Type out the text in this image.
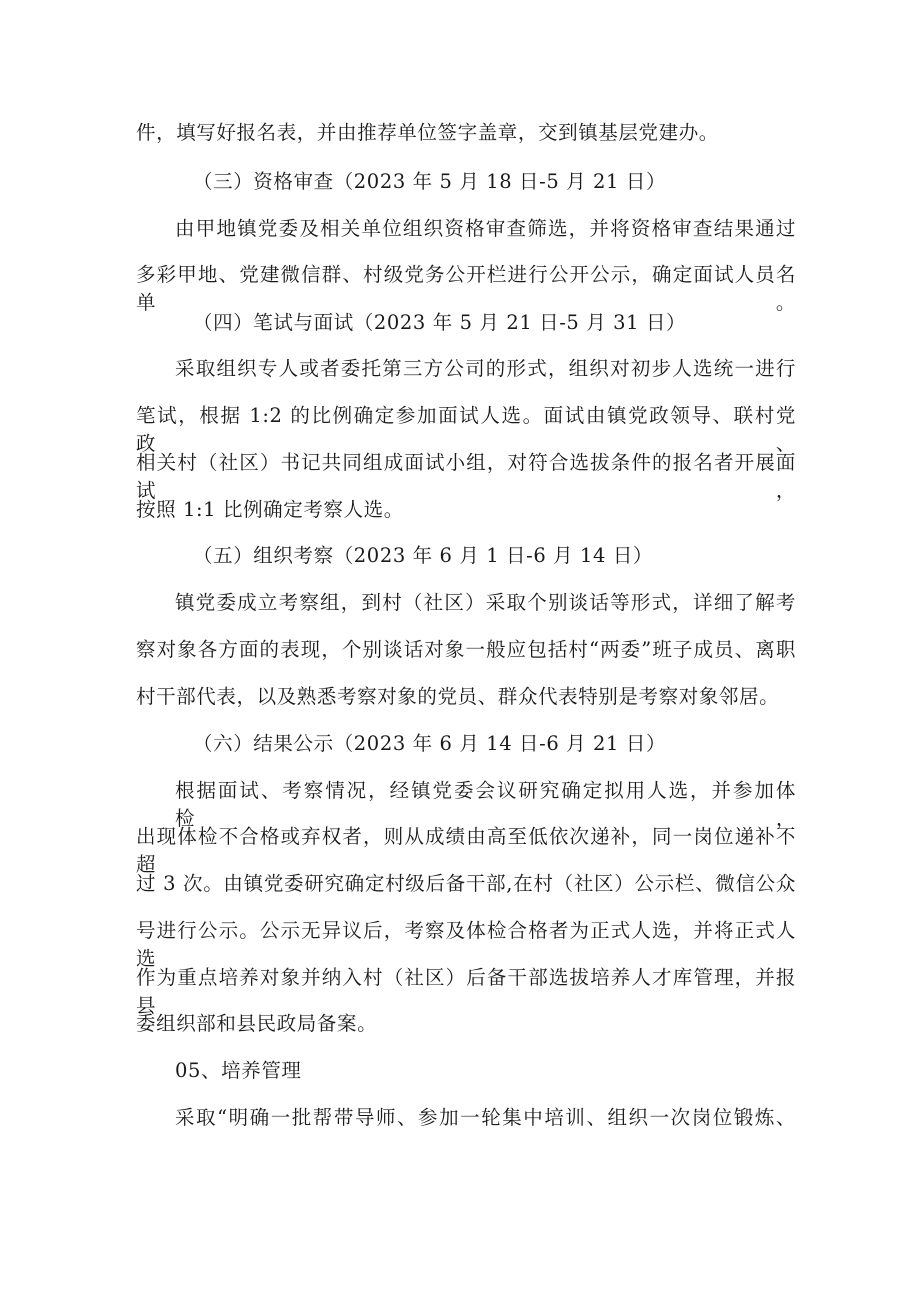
件，填写好报名表，并由推荐单位签字盖章，交到镇基层党建办。
（三）资格审查（2023 年 5 月 18 日-5 月 21 日）
由甲地镇党委及相关单位组织资格审查筛选，并将资格审查结果通过
多彩甲地、党建微信群、村级党务公开栏进行公开公示，确定面试人员名单。
（四）笔试与面试（2023 年 5 月 21 日-5 月 31 日）
采取组织专人或者委托第三方公司的形式，组织对初步人选统一进行
笔试，根据 1:2 的比例确定参加面试人选。面试由镇党政领导、联村党政、
相关村（社区）书记共同组成面试小组，对符合选拔条件的报名者开展面试，
按照 1:1 比例确定考察人选。
（五）组织考察（2023 年 6 月 1 日-6 月 14 日）
镇党委成立考察组，到村（社区）采取个别谈话等形式，详细了解考
察对象各方面的表现，个别谈话对象一般应包括村“两委”班子成员、离职
村干部代表，以及熟悉考察对象的党员、群众代表特别是考察对象邻居。
（六）结果公示（2023 年 6 月 14 日-6 月 21 日）
根据面试、考察情况，经镇党委会议研究确定拟用人选，并参加体检，
出现体检不合格或弃权者，则从成绩由高至低依次递补，同一岗位递补不超
过 3 次。由镇党委研究确定村级后备干部,在村（社区）公示栏、微信公众
号进行公示。公示无异议后，考察及体检合格者为正式人选，并将正式人选
作为重点培养对象并纳入村（社区）后备干部选拔培养人才库管理，并报县
委组织部和县民政局备案。
05、培养管理
采取“明确一批帮带导师、参加一轮集中培训、组织一次岗位锻炼、
